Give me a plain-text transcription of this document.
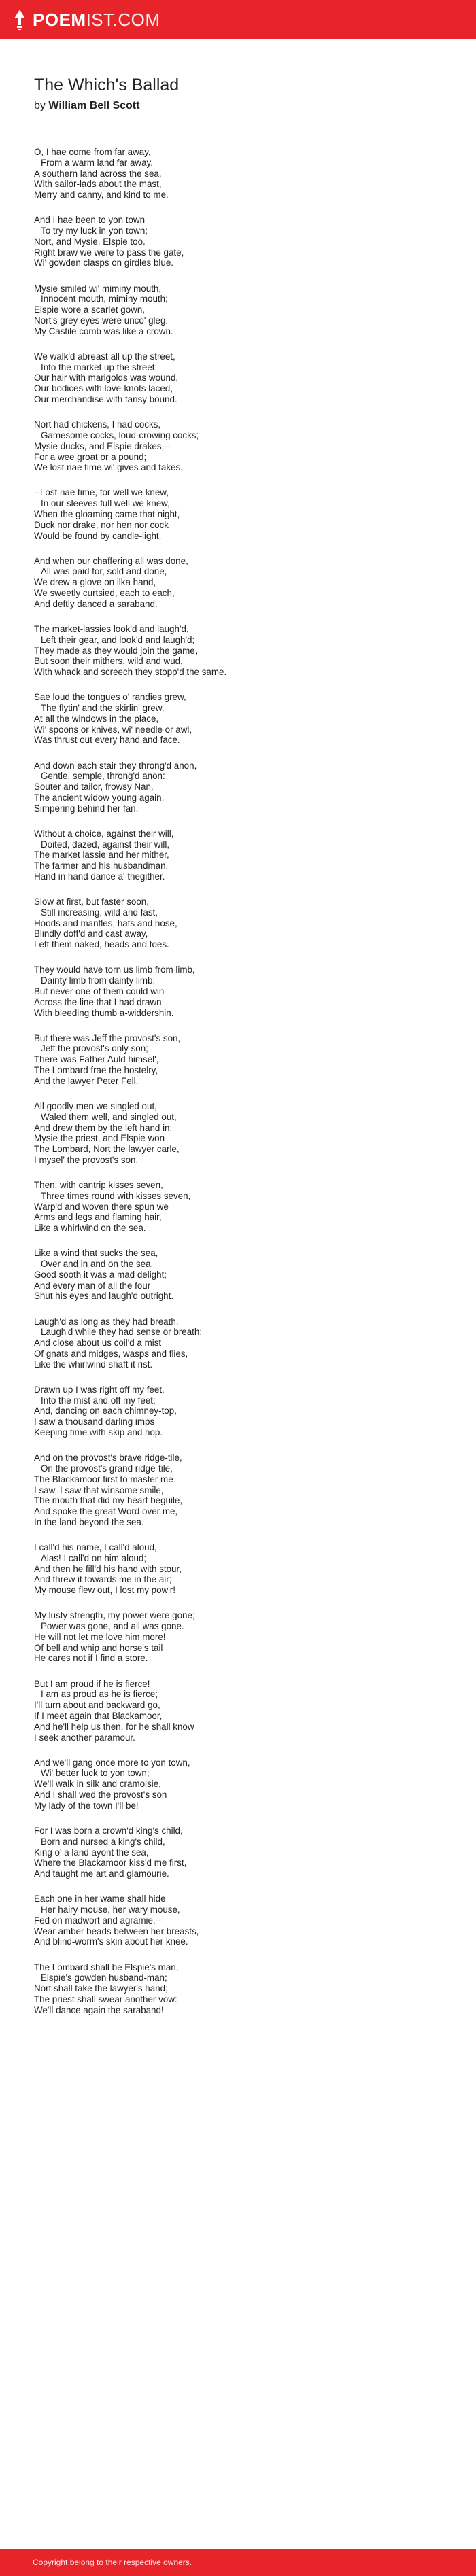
POEMIST.COM
The Which's Ballad
by William Bell Scott
O, I hae come from far away,
From a warm land far away,
A southern land across the sea,
With sailor-lads about the mast,
Merry and canny, and kind to me.
And I hae been to yon town
To try my luck in yon town;
Nort, and Mysie, Elspie too.
Right braw we were to pass the gate,
Wi' gowden clasps on girdles blue.
Mysie smiled wi' miminy mouth,
Innocent mouth, miminy mouth;
Elspie wore a scarlet gown,
Nort's grey eyes were unco' gleg.
My Castile comb was like a crown.
We walk'd abreast all up the street,
Into the market up the street;
Our hair with marigolds was wound,
Our bodices with love-knots laced,
Our merchandise with tansy bound.
Nort had chickens, I had cocks,
Gamesome cocks, loud-crowing cocks;
Mysie ducks, and Elspie drakes,--
For a wee groat or a pound;
We lost nae time wi' gives and takes.
--Lost nae time, for well we knew,
In our sleeves full well we knew,
When the gloaming came that night,
Duck nor drake, nor hen nor cock
Would be found by candle-light.
And when our chaffering all was done,
All was paid for, sold and done,
We drew a glove on ilka hand,
We sweetly curtsied, each to each,
And deftly danced a saraband.
The market-lassies look'd and laugh'd,
Left their gear, and look'd and laugh'd;
They made as they would join the game,
But soon their mithers, wild and wud,
With whack and screech they stopp'd the same.
Sae loud the tongues o' randies grew,
The flytin' and the skirlin' grew,
At all the windows in the place,
Wi' spoons or knives, wi' needle or awl,
Was thrust out every hand and face.
And down each stair they throng'd anon,
Gentle, semple, throng'd anon:
Souter and tailor, frowsy Nan,
The ancient widow young again,
Simpering behind her fan.
Without a choice, against their will,
Doited, dazed, against their will,
The market lassie and her mither,
The farmer and his husbandman,
Hand in hand dance a' thegither.
Slow at first, but faster soon,
Still increasing, wild and fast,
Hoods and mantles, hats and hose,
Blindly doff'd and cast away,
Left them naked, heads and toes.
They would have torn us limb from limb,
Dainty limb from dainty limb;
But never one of them could win
Across the line that I had drawn
With bleeding thumb a-widdershin.
But there was Jeff the provost's son,
Jeff the provost's only son;
There was Father Auld himsel',
The Lombard frae the hostelry,
And the lawyer Peter Fell.
All goodly men we singled out,
Waled them well, and singled out,
And drew them by the left hand in;
Mysie the priest, and Elspie won
The Lombard, Nort the lawyer carle,
I mysel' the provost's son.
Then, with cantrip kisses seven,
Three times round with kisses seven,
Warp'd and woven there spun we
Arms and legs and flaming hair,
Like a whirlwind on the sea.
Like a wind that sucks the sea,
Over and in and on the sea,
Good sooth it was a mad delight;
And every man of all the four
Shut his eyes and laugh'd outright.
Laugh'd as long as they had breath,
Laugh'd while they had sense or breath;
And close about us coil'd a mist
Of gnats and midges, wasps and flies,
Like the whirlwind shaft it rist.
Drawn up I was right off my feet,
Into the mist and off my feet;
And, dancing on each chimney-top,
I saw a thousand darling imps
Keeping time with skip and hop.
And on the provost's brave ridge-tile,
On the provost's grand ridge-tile,
The Blackamoor first to master me
I saw, I saw that winsome smile,
The mouth that did my heart beguile,
And spoke the great Word over me,
In the land beyond the sea.
I call'd his name, I call'd aloud,
Alas! I call'd on him aloud;
And then he fill'd his hand with stour,
And threw it towards me in the air;
My mouse flew out, I lost my pow'r!
My lusty strength, my power were gone;
Power was gone, and all was gone.
He will not let me love him more!
Of bell and whip and horse's tail
He cares not if I find a store.
But I am proud if he is fierce!
I am as proud as he is fierce;
I'll turn about and backward go,
If I meet again that Blackamoor,
And he'll help us then, for he shall know
I seek another paramour.
And we'll gang once more to yon town,
Wi' better luck to yon town;
We'll walk in silk and cramoisie,
And I shall wed the provost's son
My lady of the town I'll be!
For I was born a crown'd king's child,
Born and nursed a king's child,
King o' a land ayont the sea,
Where the Blackamoor kiss'd me first,
And taught me art and glamourie.
Each one in her wame shall hide
Her hairy mouse, her wary mouse,
Fed on madwort and agramie,--
Wear amber beads between her breasts,
And blind-worm's skin about her knee.
The Lombard shall be Elspie's man,
Elspie's gowden husband-man;
Nort shall take the lawyer's hand;
The priest shall swear another vow:
We'll dance again the saraband!
Copyright belong to their respective owners.
